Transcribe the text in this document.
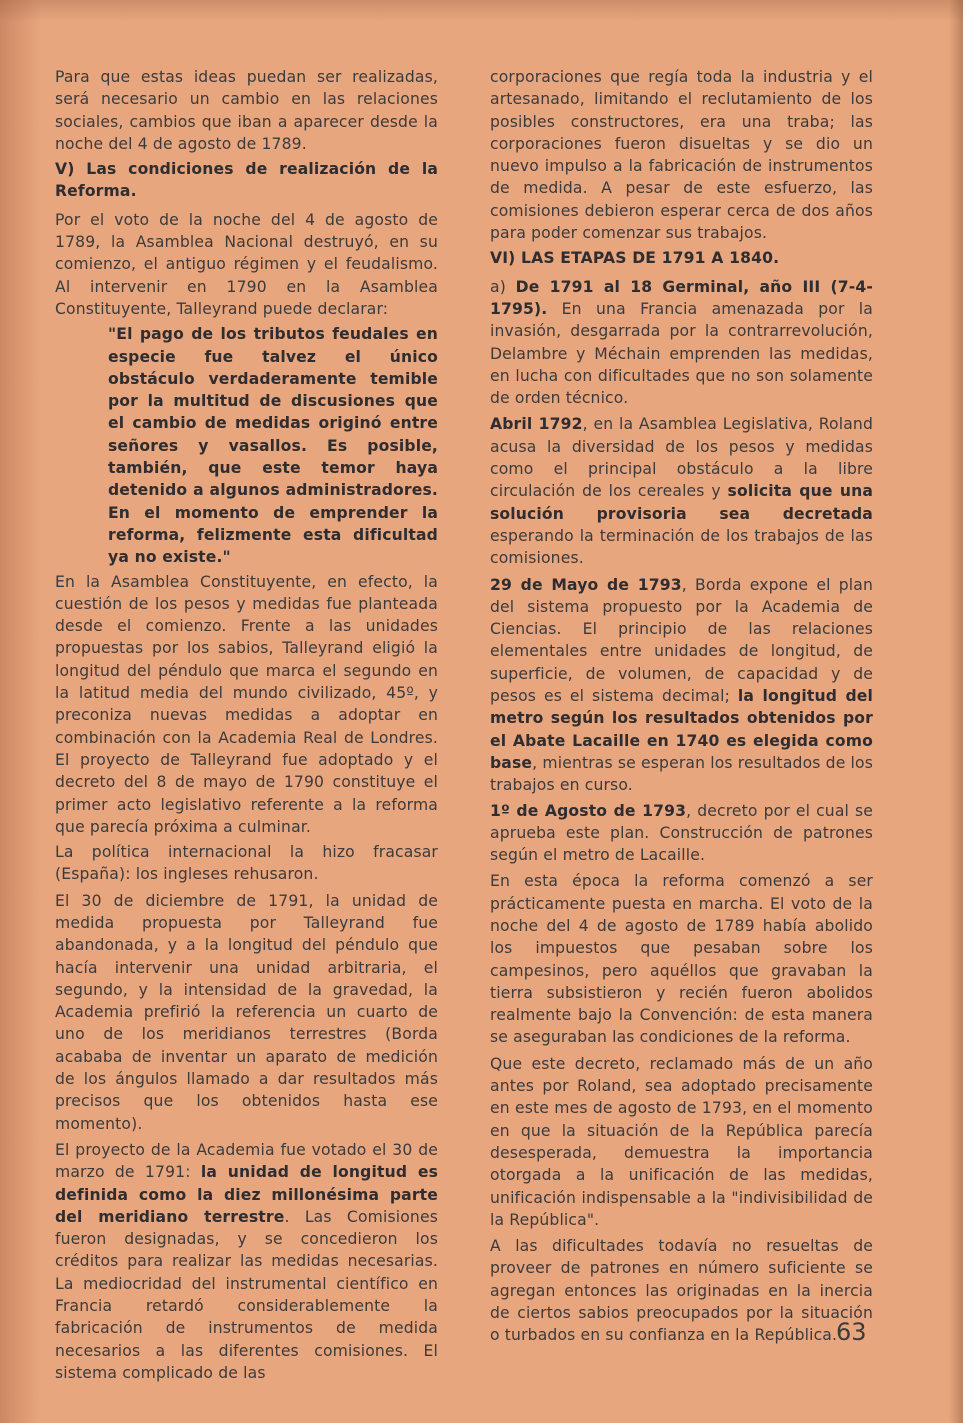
Para que estas ideas puedan ser realizadas, será necesario un cambio en las relaciones sociales, cambios que iban a aparecer desde la noche del 4 de agosto de 1789.

V) Las condiciones de realización de la Reforma.

Por el voto de la noche del 4 de agosto de 1789, la Asamblea Nacional destruyó, en su comienzo, el antiguo régimen y el feudalismo. Al intervenir en 1790 en la Asamblea Constituyente, Talleyrand puede declarar:

"El pago de los tributos feudales en especie fue talvez el único obstáculo verdaderamente temible por la multitud de discusiones que el cambio de medidas originó entre señores y vasallos. Es posible, también, que este temor haya detenido a algunos administradores. En el momento de emprender la reforma, felizmente esta dificultad ya no existe."

En la Asamblea Constituyente, en efecto, la cuestión de los pesos y medidas fue planteada desde el comienzo. Frente a las unidades propuestas por los sabios, Talleyrand eligió la longitud del péndulo que marca el segundo en la latitud media del mundo civilizado, 45º, y preconiza nuevas medidas a adoptar en combinación con la Academia Real de Londres. El proyecto de Talleyrand fue adoptado y el decreto del 8 de mayo de 1790 constituye el primer acto legislativo referente a la reforma que parecía próxima a culminar.

La política internacional la hizo fracasar (España): los ingleses rehusaron.

El 30 de diciembre de 1791, la unidad de medida propuesta por Talleyrand fue abandonada, y a la longitud del péndulo que hacía intervenir una unidad arbitraria, el segundo, y la intensidad de la gravedad, la Academia prefirió la referencia un cuarto de uno de los meridianos terrestres (Borda acababa de inventar un aparato de medición de los ángulos llamado a dar resultados más precisos que los obtenidos hasta ese momento).

El proyecto de la Academia fue votado el 30 de marzo de 1791: la unidad de longitud es definida como la diez millonésima parte del meridiano terrestre. Las Comisiones fueron designadas, y se concedieron los créditos para realizar las medidas necesarias. La mediocridad del instrumental científico en Francia retardó considerablemente la fabricación de instrumentos de medida necesarios a las diferentes comisiones. El sistema complicado de las

corporaciones que regía toda la industria y el artesanado, limitando el reclutamiento de los posibles constructores, era una traba; las corporaciones fueron disueltas y se dio un nuevo impulso a la fabricación de instrumentos de medida. A pesar de este esfuerzo, las comisiones debieron esperar cerca de dos años para poder comenzar sus trabajos.

VI) LAS ETAPAS DE 1791 A 1840.

a) De 1791 al 18 Germinal, año III (7-4-1795). En una Francia amenazada por la invasión, desgarrada por la contrarrevolución, Delambre y Méchain emprenden las medidas, en lucha con dificultades que no son solamente de orden técnico.

Abril 1792, en la Asamblea Legislativa, Roland acusa la diversidad de los pesos y medidas como el principal obstáculo a la libre circulación de los cereales y solicita que una solución provisoria sea decretada esperando la terminación de los trabajos de las comisiones.

29 de Mayo de 1793, Borda expone el plan del sistema propuesto por la Academia de Ciencias. El principio de las relaciones elementales entre unidades de longitud, de superficie, de volumen, de capacidad y de pesos es el sistema decimal; la longitud del metro según los resultados obtenidos por el Abate Lacaille en 1740 es elegida como base, mientras se esperan los resultados de los trabajos en curso.

1º de Agosto de 1793, decreto por el cual se aprueba este plan. Construcción de patrones según el metro de Lacaille.

En esta época la reforma comenzó a ser prácticamente puesta en marcha. El voto de la noche del 4 de agosto de 1789 había abolido los impuestos que pesaban sobre los campesinos, pero aquéllos que gravaban la tierra subsistieron y recién fueron abolidos realmente bajo la Convención: de esta manera se aseguraban las condiciones de la reforma.

Que este decreto, reclamado más de un año antes por Roland, sea adoptado precisamente en este mes de agosto de 1793, en el momento en que la situación de la República parecía desesperada, demuestra la importancia otorgada a la unificación de las medidas, unificación indispensable a la "indivisibilidad de la República".

A las dificultades todavía no resueltas de proveer de patrones en número suficiente se agregan entonces las originadas en la inercia de ciertos sabios preocupados por la situación o turbados en su confianza en la República.

63
